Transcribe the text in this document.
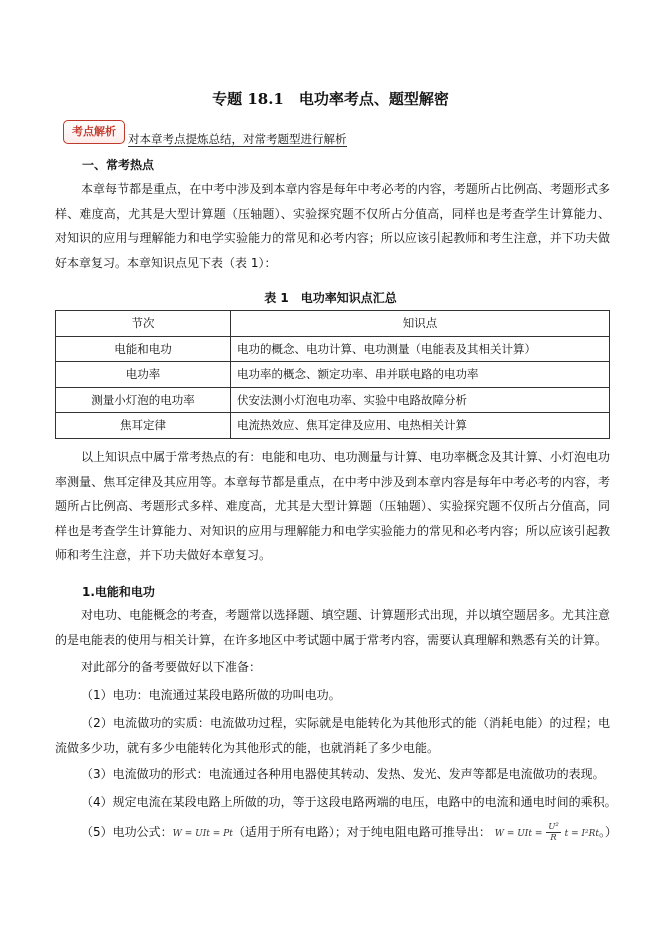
专题 18.1　电功率考点、题型解密
考点解析
对本章考点提炼总结，对常考题型进行解析
一、常考热点
本章每节都是重点，在中考中涉及到本章内容是每年中考必考的内容，考题所占比例高、考题形式多样、难度高，尤其是大型计算题（压轴题）、实验探究题不仅所占分值高，同样也是考查学生计算能力、对知识的应用与理解能力和电学实验能力的常见和必考内容；所以应该引起教师和考生注意，并下功夫做好本章复习。本章知识点见下表（表 1）：
表 1　电功率知识点汇总
节次	知识点
电能和电功	电功的概念、电功计算、电功测量（电能表及其相关计算）
电功率	电功率的概念、额定功率、串并联电路的电功率
测量小灯泡的电功率	伏安法测小灯泡电功率、实验中电路故障分析
焦耳定律	电流热效应、焦耳定律及应用、电热相关计算
以上知识点中属于常考热点的有：电能和电功、电功测量与计算、电功率概念及其计算、小灯泡电功率测量、焦耳定律及其应用等。本章每节都是重点，在中考中涉及到本章内容是每年中考必考的内容，考题所占比例高、考题形式多样、难度高，尤其是大型计算题（压轴题）、实验探究题不仅所占分值高，同样也是考查学生计算能力、对知识的应用与理解能力和电学实验能力的常见和必考内容；所以应该引起教师和考生注意，并下功夫做好本章复习。
1.电能和电功
对电功、电能概念的考查，考题常以选择题、填空题、计算题形式出现，并以填空题居多。尤其注意的是电能表的使用与相关计算，在许多地区中考试题中属于常考内容，需要认真理解和熟悉有关的计算。
对此部分的备考要做好以下准备：
（1）电功：电流通过某段电路所做的功叫电功。
（2）电流做功的实质：电流做功过程，实际就是电能转化为其他形式的能（消耗电能）的过程；电流做多少功，就有多少电能转化为其他形式的能，也就消耗了多少电能。
（3）电流做功的形式：电流通过各种用电器使其转动、发热、发光、发声等都是电流做功的表现。
（4）规定电流在某段电路上所做的功，等于这段电路两端的电压，电路中的电流和通电时间的乘积。
（5）电功公式：W = UIt = Pt（适用于所有电路）；对于纯电阻电路可推导出： W = UIt = $\frac{\text{U²}}{R}$ t = I²Rt。）
